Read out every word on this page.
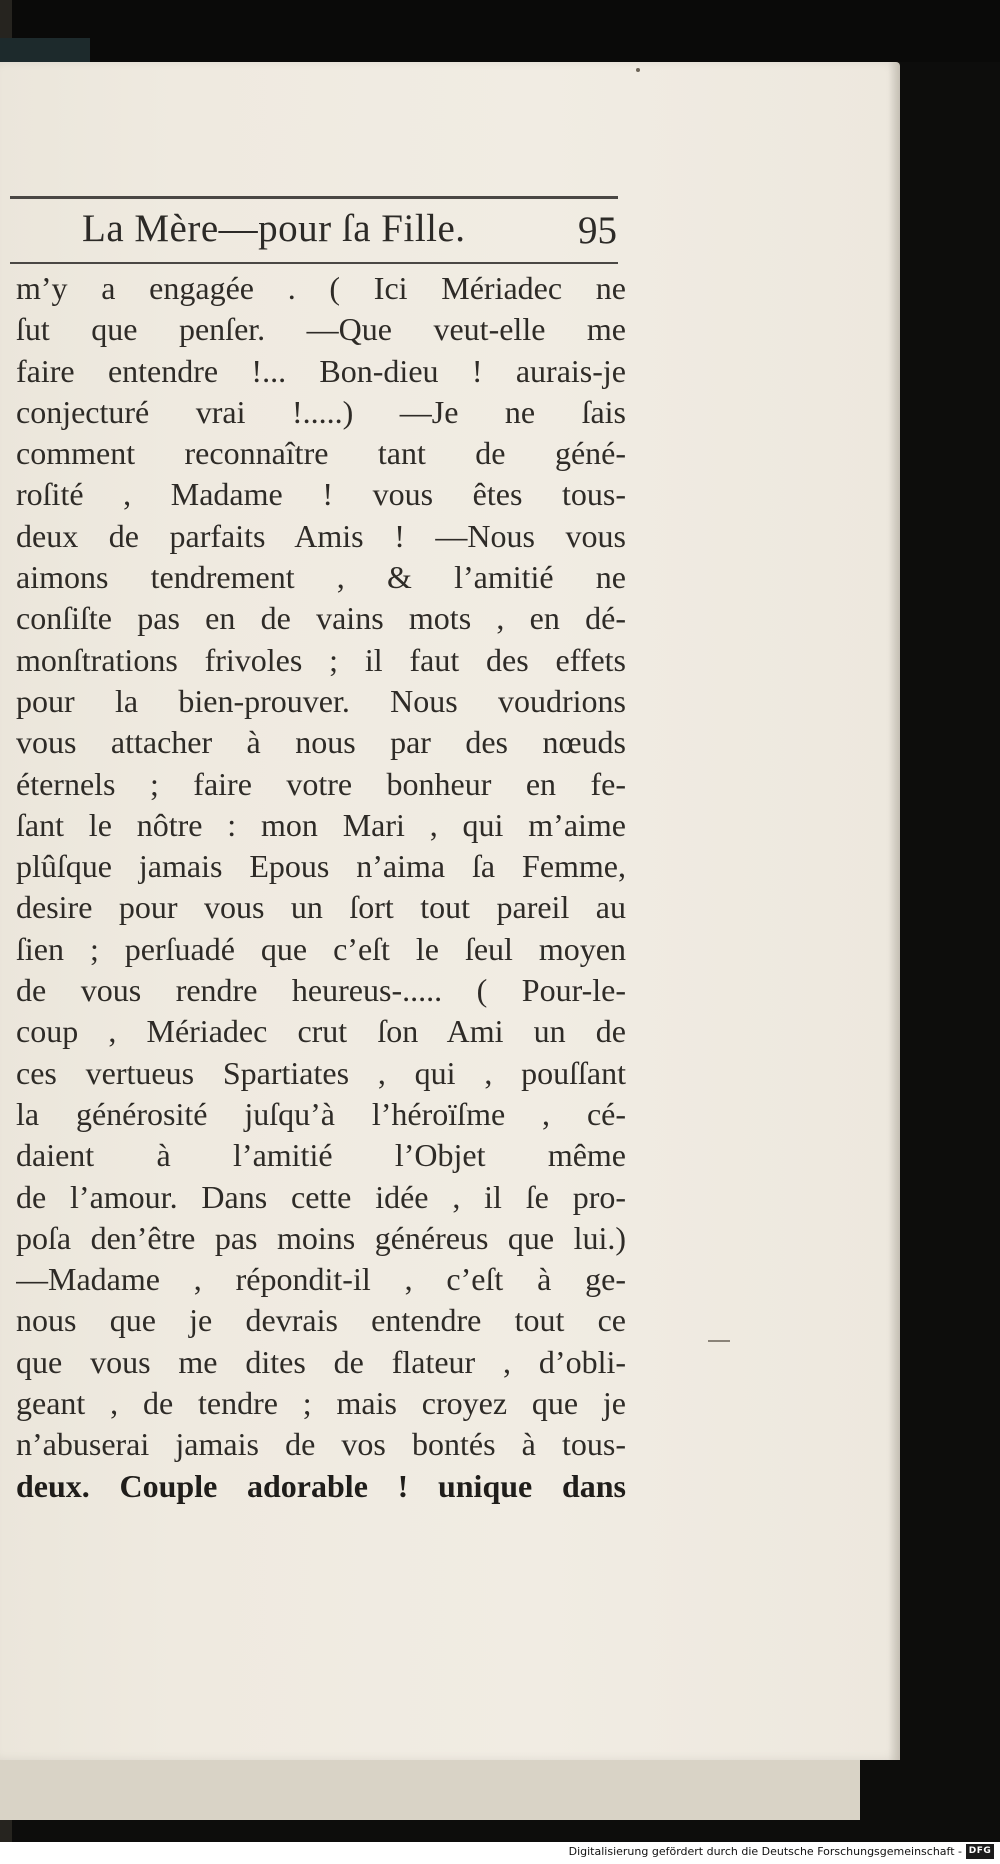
La Mère—pour ſa Fille.	95
m’y a engagée . ( Ici Mériadec ne
ſut que penſer. —Que veut-elle me
faire entendre !... Bon-dieu ! aurais-je
conjecturé vrai !.....) —Je ne ſais
comment reconnaître tant de géné-
roſité , Madame ! vous êtes tous-
deux de parfaits Amis ! —Nous vous
aimons tendrement , & l’amitié ne
conſiſte pas en de vains mots , en dé-
monſtrations frivoles ; il faut des effets
pour la bien-prouver. Nous voudrions
vous attacher à nous par des nœuds
éternels ; faire votre bonheur en fe-
ſant le nôtre : mon Mari , qui m’aime
plûſque jamais Epous n’aima ſa Femme,
desire pour vous un ſort tout pareil au
ſien ; perſuadé que c’eſt le ſeul moyen
de vous rendre heureus-..... ( Pour-le-
coup , Mériadec crut ſon Ami un de
ces vertueus Spartiates , qui , pouſſant
la générosité juſqu’à l’héroïſme , cé-
daient à l’amitié l’Objet même
de l’amour. Dans cette idée , il ſe pro-
poſa den’être pas moins généreus que lui.)
—Madame , répondit-il , c’eſt à ge-
nous que je devrais entendre tout ce
que vous me dites de flateur , d’obli-
geant , de tendre ; mais croyez que je
n’abuserai jamais de vos bontés à tous-
deux. Couple adorable ! unique dans
Digitalisierung gefördert durch die Deutsche Forschungsgemeinschaft - DFG
